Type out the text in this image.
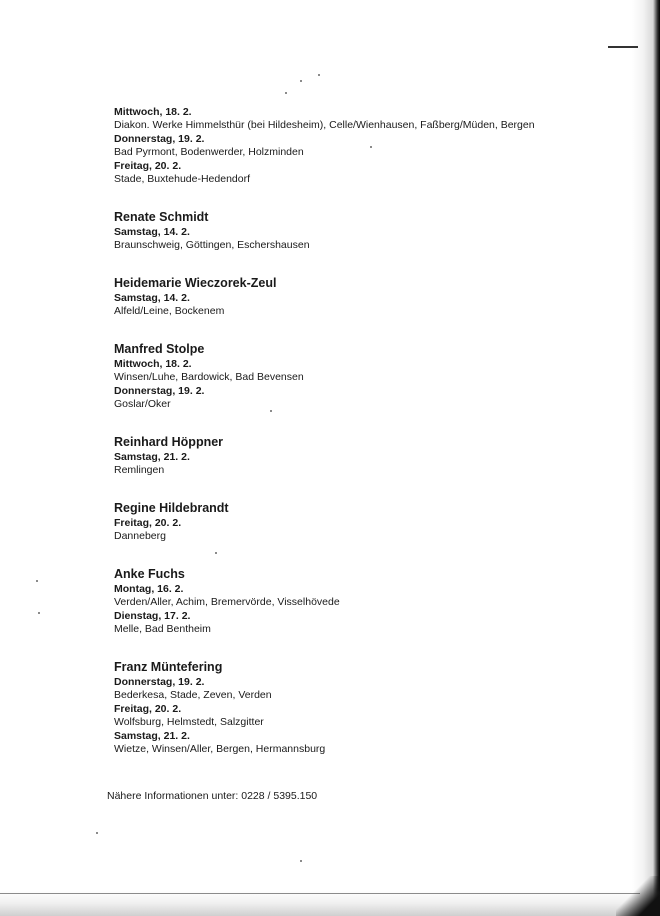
Mittwoch, 18. 2.
Diakon. Werke Himmelsthür (bei Hildesheim), Celle/Wienhausen, Faßberg/Müden, Bergen
Donnerstag, 19. 2.
Bad Pyrmont, Bodenwerder, Holzminden
Freitag, 20. 2.
Stade, Buxtehude-Hedendorf
Renate Schmidt
Samstag, 14. 2.
Braunschweig, Göttingen, Eschershausen
Heidemarie Wieczorek-Zeul
Samstag, 14. 2.
Alfeld/Leine, Bockenem
Manfred Stolpe
Mittwoch, 18. 2.
Winsen/Luhe, Bardowick, Bad Bevensen
Donnerstag, 19. 2.
Goslar/Oker
Reinhard Höppner
Samstag, 21. 2.
Remlingen
Regine Hildebrandt
Freitag, 20. 2.
Danneberg
Anke Fuchs
Montag, 16. 2.
Verden/Aller, Achim, Bremervörde, Visselhövede
Dienstag, 17. 2.
Melle, Bad Bentheim
Franz Müntefering
Donnerstag, 19. 2.
Bederkesa, Stade, Zeven, Verden
Freitag, 20. 2.
Wolfsburg, Helmstedt, Salzgitter
Samstag, 21. 2.
Wietze, Winsen/Aller, Bergen, Hermannsburg
Nähere Informationen unter: 0228 / 5395.150
